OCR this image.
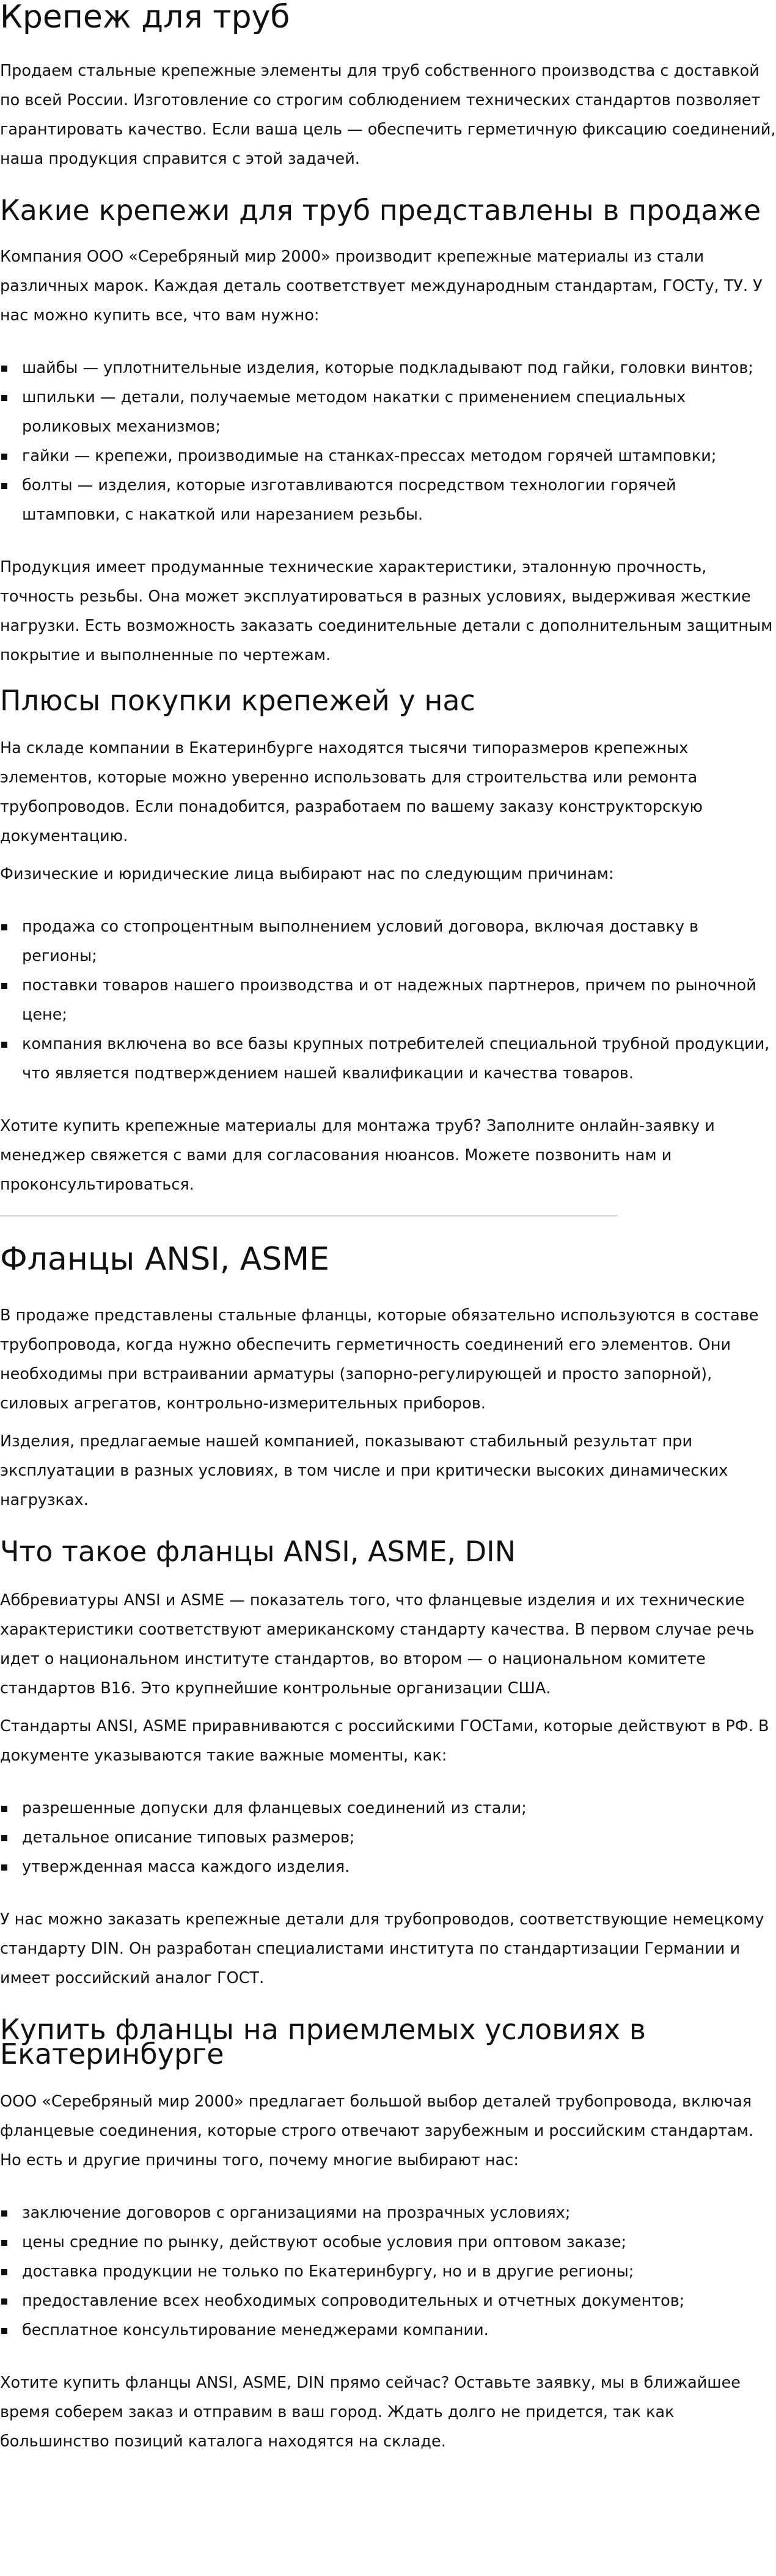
Крепеж для труб

Продаем стальные крепежные элементы для труб собственного производства с доставкой по всей России. Изготовление со строгим соблюдением технических стандартов позволяет гарантировать качество. Если ваша цель — обеспечить герметичную фиксацию соединений, наша продукция справится с этой задачей.

Какие крепежи для труб представлены в продаже

Компания ООО «Серебряный мир 2000» производит крепежные материалы из стали различных марок. Каждая деталь соответствует международным стандартам, ГОСТу, ТУ. У нас можно купить все, что вам нужно:

шайбы — уплотнительные изделия, которые подкладывают под гайки, головки винтов;
шпильки — детали, получаемые методом накатки с применением специальных роликовых механизмов;
гайки — крепежи, производимые на станках-прессах методом горячей штамповки;
болты — изделия, которые изготавливаются посредством технологии горячей штамповки, с накаткой или нарезанием резьбы.

Продукция имеет продуманные технические характеристики, эталонную прочность, точность резьбы. Она может эксплуатироваться в разных условиях, выдерживая жесткие нагрузки. Есть возможность заказать соединительные детали с дополнительным защитным покрытие и выполненные по чертежам.

Плюсы покупки крепежей у нас

На складе компании в Екатеринбурге находятся тысячи типоразмеров крепежных элементов, которые можно уверенно использовать для строительства или ремонта трубопроводов. Если понадобится, разработаем по вашему заказу конструкторскую документацию.

Физические и юридические лица выбирают нас по следующим причинам:

продажа со стопроцентным выполнением условий договора, включая доставку в регионы;
поставки товаров нашего производства и от надежных партнеров, причем по рыночной цене;
компания включена во все базы крупных потребителей специальной трубной продукции, что является подтверждением нашей квалификации и качества товаров.

Хотите купить крепежные материалы для монтажа труб? Заполните онлайн-заявку и менеджер свяжется с вами для согласования нюансов. Можете позвонить нам и проконсультироваться.

Фланцы ANSI, ASME

В продаже представлены стальные фланцы, которые обязательно используются в составе трубопровода, когда нужно обеспечить герметичность соединений его элементов. Они необходимы при встраивании арматуры (запорно-регулирующей и просто запорной), силовых агрегатов, контрольно-измерительных приборов.

Изделия, предлагаемые нашей компанией, показывают стабильный результат при эксплуатации в разных условиях, в том числе и при критически высоких динамических нагрузках.

Что такое фланцы ANSI, ASME, DIN

Аббревиатуры ANSI и ASME — показатель того, что фланцевые изделия и их технические характеристики соответствуют американскому стандарту качества. В первом случае речь идет о национальном институте стандартов, во втором — о национальном комитете стандартов B16. Это крупнейшие контрольные организации США.

Стандарты ANSI, ASME приравниваются с российскими ГОСТами, которые действуют в РФ. В документе указываются такие важные моменты, как:

разрешенные допуски для фланцевых соединений из стали;
детальное описание типовых размеров;
утвержденная масса каждого изделия.

У нас можно заказать крепежные детали для трубопроводов, соответствующие немецкому стандарту DIN. Он разработан специалистами института по стандартизации Германии и имеет российский аналог ГОСТ.

Купить фланцы на приемлемых условиях в
Екатеринбурге

ООО «Серебряный мир 2000» предлагает большой выбор деталей трубопровода, включая фланцевые соединения, которые строго отвечают зарубежным и российским стандартам. Но есть и другие причины того, почему многие выбирают нас:

заключение договоров с организациями на прозрачных условиях;
цены средние по рынку, действуют особые условия при оптовом заказе;
доставка продукции не только по Екатеринбургу, но и в другие регионы;
предоставление всех необходимых сопроводительных и отчетных документов;
бесплатное консультирование менеджерами компании.

Хотите купить фланцы ANSI, ASME, DIN прямо сейчас? Оставьте заявку, мы в ближайшее время соберем заказ и отправим в ваш город. Ждать долго не придется, так как большинство позиций каталога находятся на складе.
